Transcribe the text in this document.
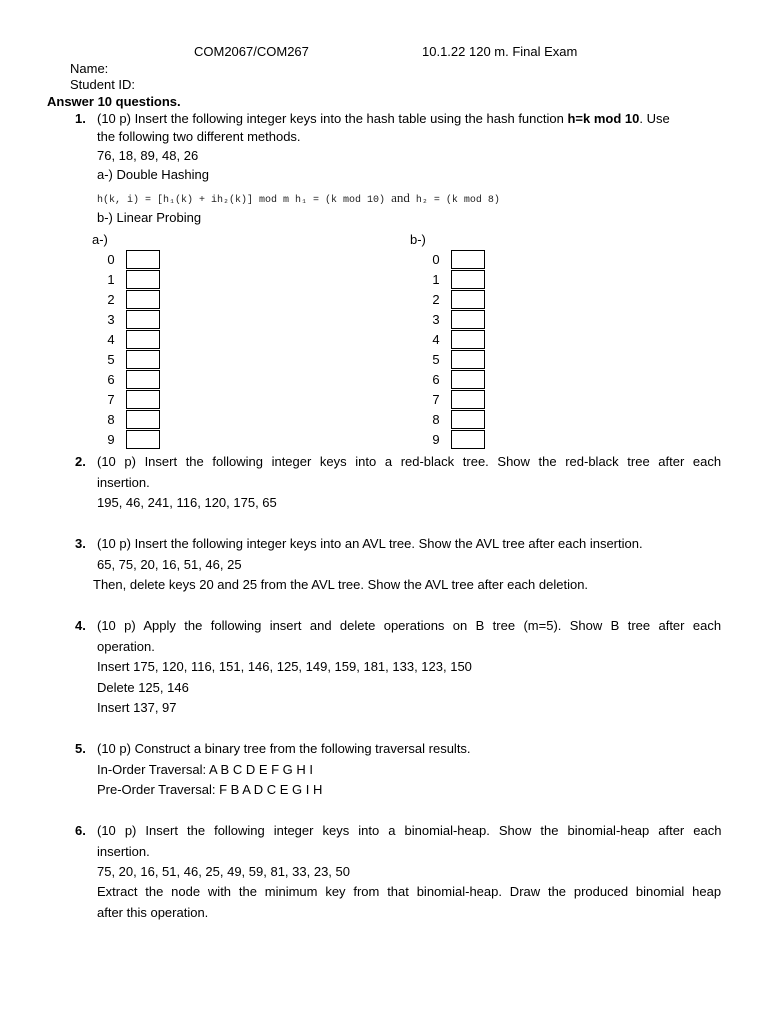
COM2067/COM267	10.1.22 120 m. Final Exam
Name:
Student ID:
Answer 10 questions.
1. (10 p) Insert the following integer keys into the hash table using the hash function h=k mod 10. Use
the following two different methods.
76, 18, 89, 48, 26
a-) Double Hashing
h(k, i) = [h₁(k) + ih₂(k)] mod m h₁ = (k mod 10) and h₂ = (k mod 8)
b-) Linear Probing
a-)	b-)
0
1
2
3
4
5
6
7
8
9
0
1
2
3
4
5
6
7
8
9
2. (10 p) Insert the following integer keys into a red-black tree. Show the red-black tree after each
insertion.
195, 46, 241, 116, 120, 175, 65
3. (10 p) Insert the following integer keys into an AVL tree. Show the AVL tree after each insertion.
65, 75, 20, 16, 51, 46, 25
Then, delete keys 20 and 25 from the AVL tree. Show the AVL tree after each deletion.
4. (10 p) Apply the following insert and delete operations on B tree (m=5). Show B tree after each
operation.
Insert 175, 120, 116, 151, 146, 125, 149, 159, 181, 133, 123, 150
Delete 125, 146
Insert 137, 97
5. (10 p) Construct a binary tree from the following traversal results.
In-Order Traversal: A B C D E F G H I
Pre-Order Traversal: F B A D C E G I H
6. (10 p) Insert the following integer keys into a binomial-heap. Show the binomial-heap after each
insertion.
75, 20, 16, 51, 46, 25, 49, 59, 81, 33, 23, 50
Extract the node with the minimum key from that binomial-heap. Draw the produced binomial heap
after this operation.
